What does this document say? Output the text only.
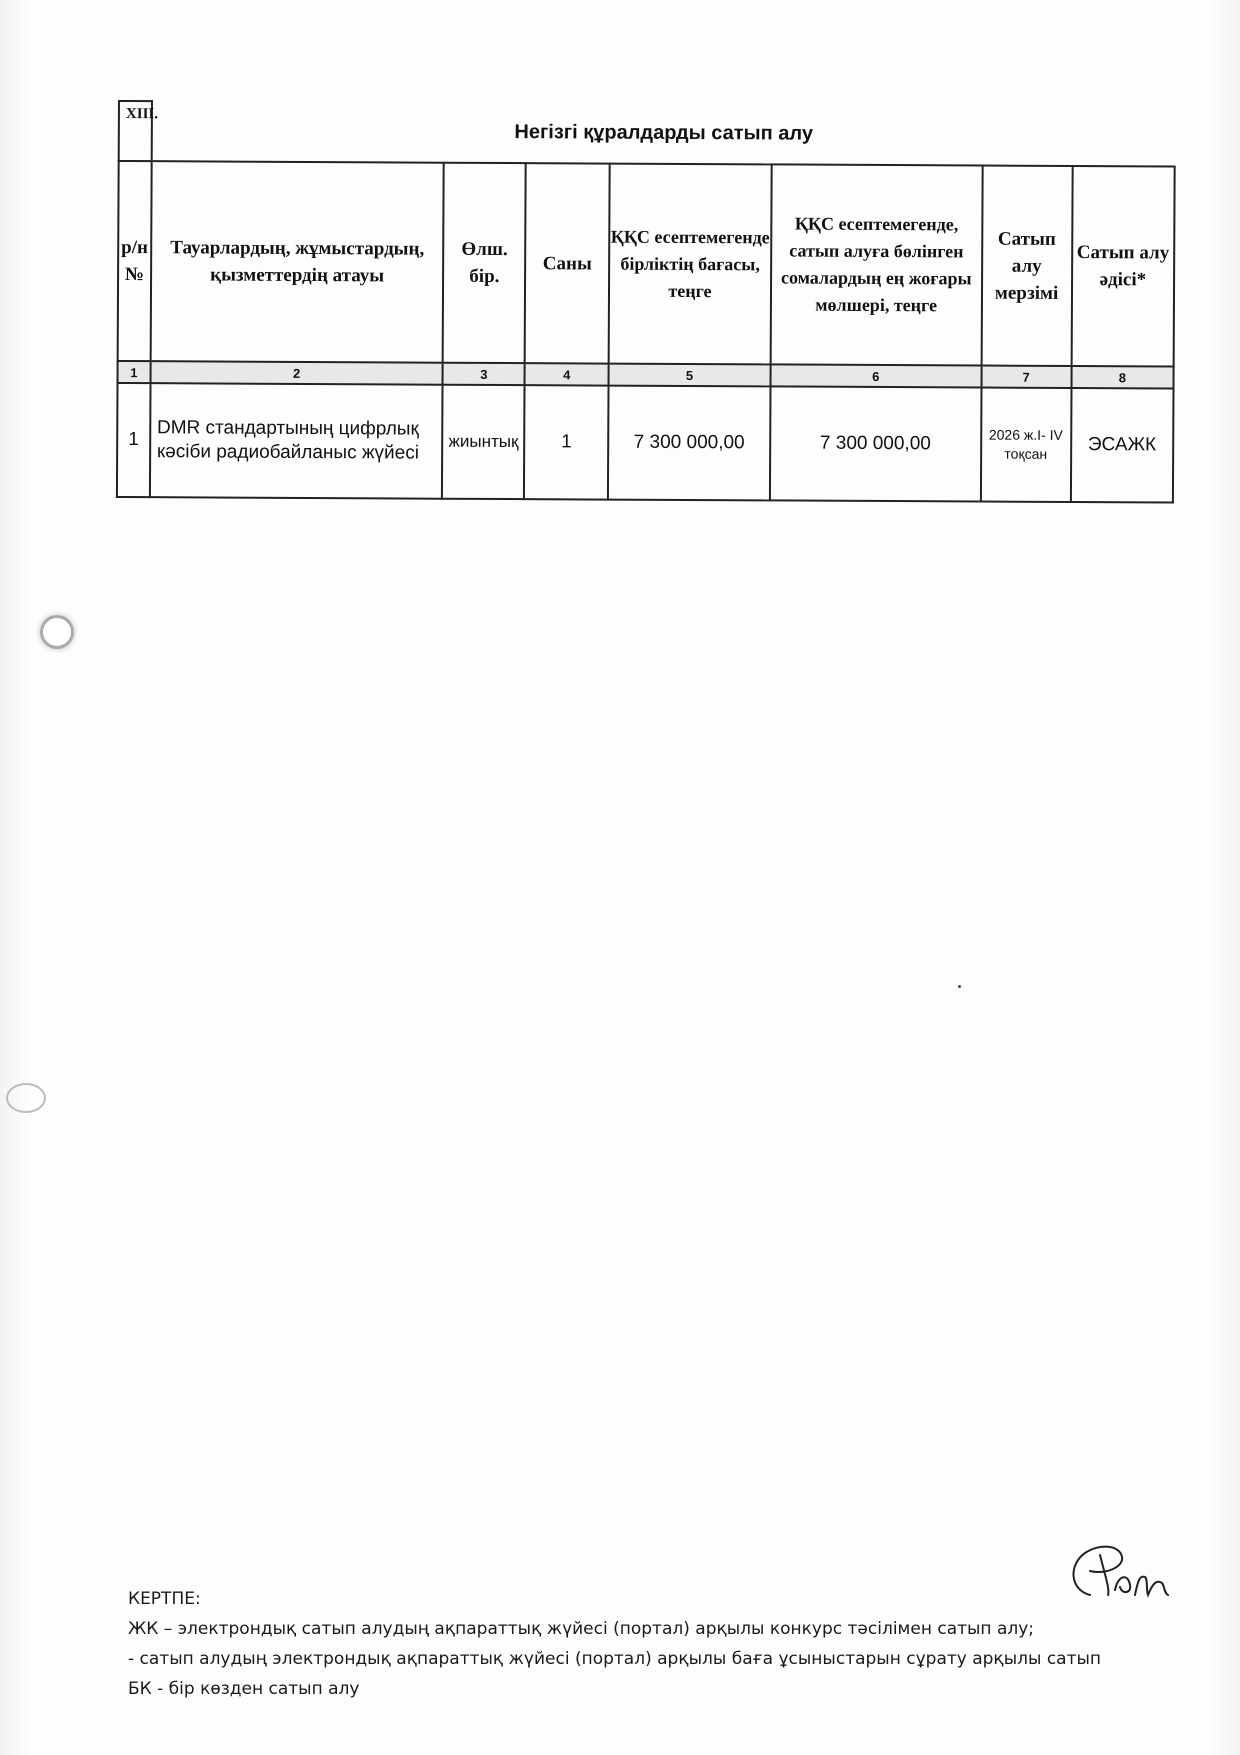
XIII.	Негізгі құралдарды сатып алу						
р/н №	Тауарлардың, жұмыстардың, қызметтердің атауы	Өлш. бір.	Саны	ҚҚС есептемегенде бірліктің бағасы, теңге	ҚҚС есептемегенде, сатып алуға бөлінген сомалардың ең жоғары мөлшері, теңге	Сатып алу мерзімі	Сатып алу әдісі*
1	2	3	4	5	6	7	8
1	DMR стандартының цифрлық кәсіби радиобайланыс жүйесі	жиынтық	1	7 300 000,00	7 300 000,00	2026 ж.I- IV тоқсан	ЭСАЖК
КЕРТПЕ:
ЖК – электрондық сатып алудың ақпараттық жүйесі (портал) арқылы конкурс тәсілімен сатып алу;
- сатып алудың электрондық ақпараттық жүйесі (портал) арқылы баға ұсыныстарын сұрату арқылы сатып
БК - бір көзден сатып алу
